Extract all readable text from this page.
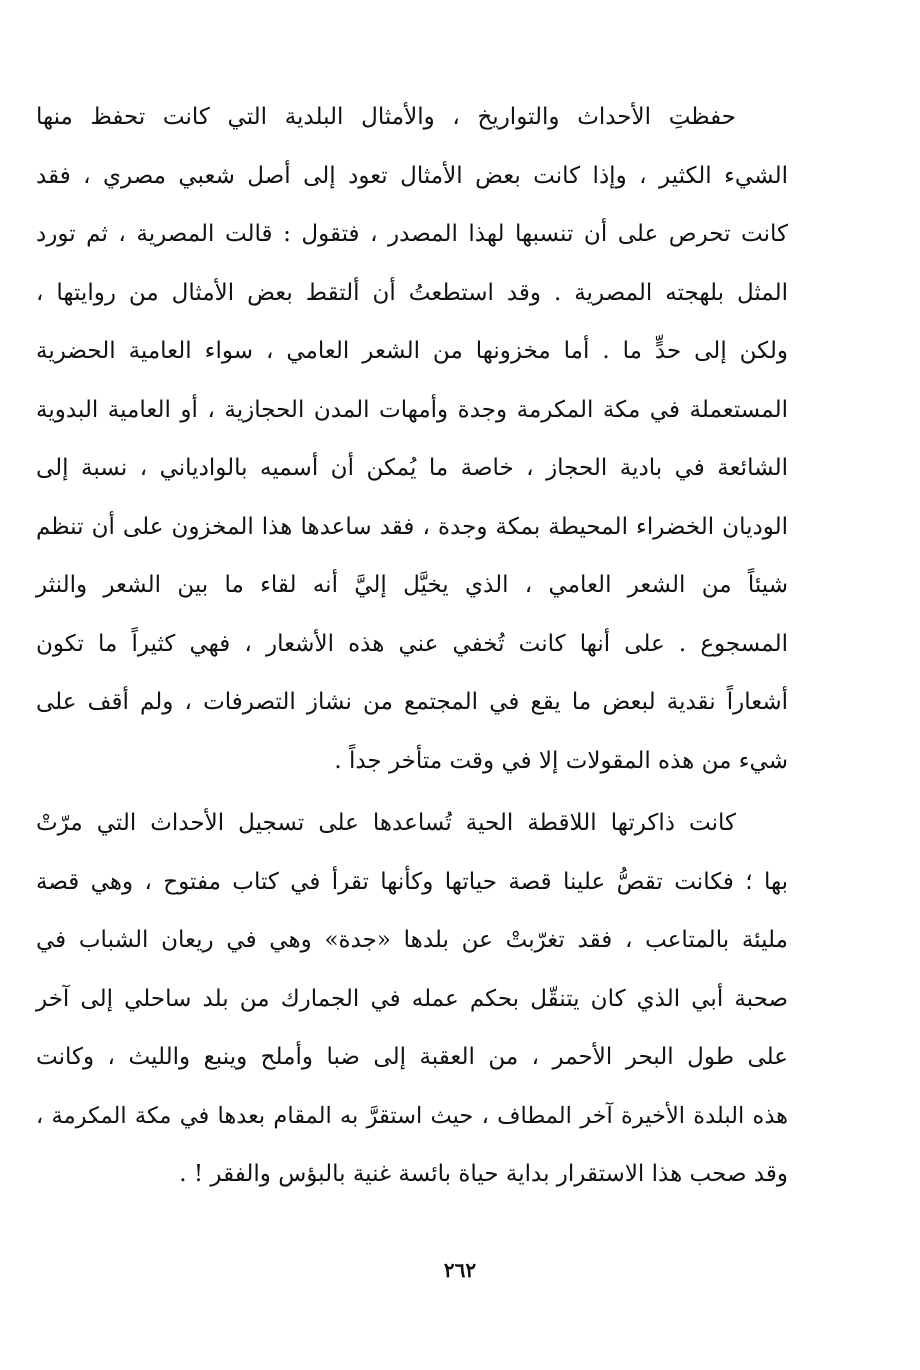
حفظتِ الأحداث والتواريخ ، والأمثال البلدية التي كانت تحفظ منها
الشيء الكثير ، وإذا كانت بعض الأمثال تعود إلى أصل شعبي مصري ، فقد
كانت تحرص على أن تنسبها لهذا المصدر ، فتقول : قالت المصرية ، ثم تورد
المثل بلهجته المصرية . وقد استطعتُ أن ألتقط بعض الأمثال من روايتها ،
ولكن إلى حدٍّ ما . أما مخزونها من الشعر العامي ، سواء العامية الحضرية
المستعملة في مكة المكرمة وجدة وأمهات المدن الحجازية ، أو العامية البدوية
الشائعة في بادية الحجاز ، خاصة ما يُمكن أن أسميه بالوادياني ، نسبة إلى
الوديان الخضراء المحيطة بمكة وجدة ، فقد ساعدها هذا المخزون على أن تنظم
شيئاً من الشعر العامي ، الذي يخيَّل إليَّ أنه لقاء ما بين الشعر والنثر
المسجوع . على أنها كانت تُخفي عني هذه الأشعار ، فهي كثيراً ما تكون
أشعاراً نقدية لبعض ما يقع في المجتمع من نشاز التصرفات ، ولم أقف على
شيء من هذه المقولات إلا في وقت متأخر جداً .
كانت ذاكرتها اللاقطة الحية تُساعدها على تسجيل الأحداث التي مرّتْ
بها ؛ فكانت تقصُّ علينا قصة حياتها وكأنها تقرأ في كتاب مفتوح ، وهي قصة
مليئة بالمتاعب ، فقد تغرّبتْ عن بلدها «جدة» وهي في ريعان الشباب في
صحبة أبي الذي كان يتنقّل بحكم عمله في الجمارك من بلد ساحلي إلى آخر
على طول البحر الأحمر ، من العقبة إلى ضبا وأملح وينبع والليث ، وكانت
هذه البلدة الأخيرة آخر المطاف ، حيث استقرَّ به المقام بعدها في مكة المكرمة ،
وقد صحب هذا الاستقرار بداية حياة بائسة غنية بالبؤس والفقر ! .
٢٦٢
